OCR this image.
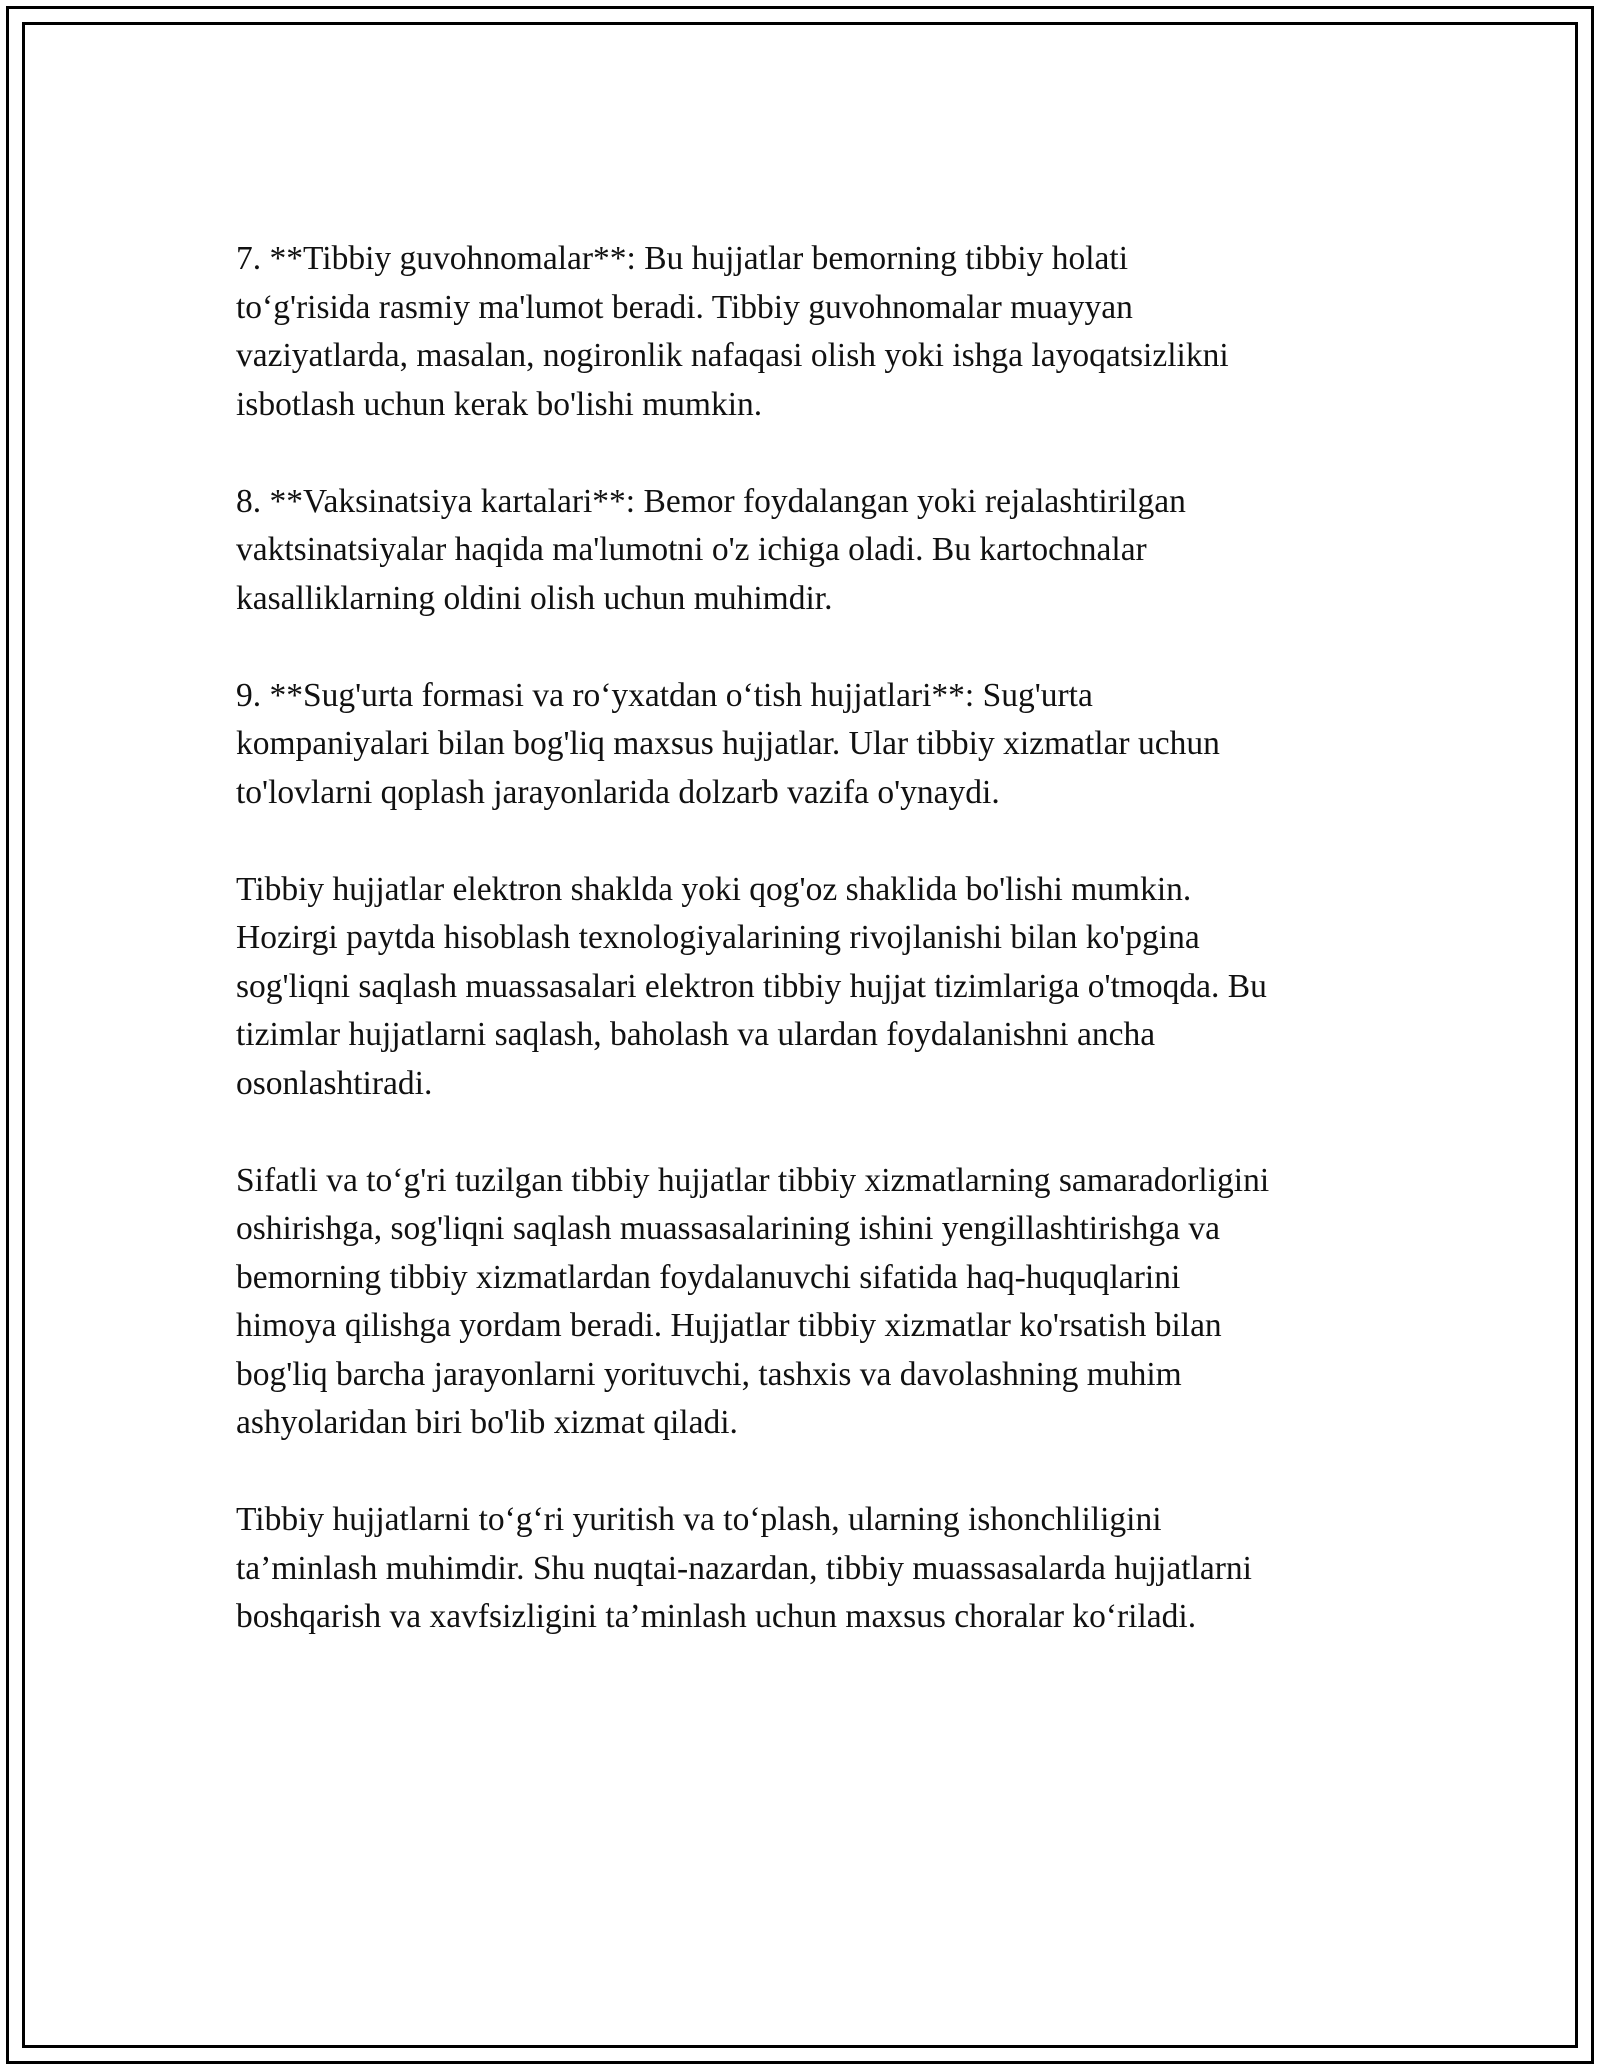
7. **Tibbiy guvohnomalar**: Bu hujjatlar bemorning tibbiy holati
to‘g'risida rasmiy ma'lumot beradi. Tibbiy guvohnomalar muayyan
vaziyatlarda, masalan, nogironlik nafaqasi olish yoki ishga layoqatsizlikni
isbotlash uchun kerak bo'lishi mumkin.

8. **Vaksinatsiya kartalari**: Bemor foydalangan yoki rejalashtirilgan
vaktsinatsiyalar haqida ma'lumotni o'z ichiga oladi. Bu kartochnalar
kasalliklarning oldini olish uchun muhimdir.

9. **Sug'urta formasi va ro‘yxatdan o‘tish hujjatlari**: Sug'urta
kompaniyalari bilan bog'liq maxsus hujjatlar. Ular tibbiy xizmatlar uchun
to'lovlarni qoplash jarayonlarida dolzarb vazifa o'ynaydi.

Tibbiy hujjatlar elektron shaklda yoki qog'oz shaklida bo'lishi mumkin.
Hozirgi paytda hisoblash texnologiyalarining rivojlanishi bilan ko'pgina
sog'liqni saqlash muassasalari elektron tibbiy hujjat tizimlariga o'tmoqda. Bu
tizimlar hujjatlarni saqlash, baholash va ulardan foydalanishni ancha
osonlashtiradi.

Sifatli va to‘g'ri tuzilgan tibbiy hujjatlar tibbiy xizmatlarning samaradorligini
oshirishga, sog'liqni saqlash muassasalarining ishini yengillashtirishga va
bemorning tibbiy xizmatlardan foydalanuvchi sifatida haq-huquqlarini
himoya qilishga yordam beradi. Hujjatlar tibbiy xizmatlar ko'rsatish bilan
bog'liq barcha jarayonlarni yorituvchi, tashxis va davolashning muhim
ashyolaridan biri bo'lib xizmat qiladi.

Tibbiy hujjatlarni to‘g‘ri yuritish va to‘plash, ularning ishonchliligini
ta’minlash muhimdir. Shu nuqtai-nazardan, tibbiy muassasalarda hujjatlarni
boshqarish va xavfsizligini ta’minlash uchun maxsus choralar ko‘riladi.
